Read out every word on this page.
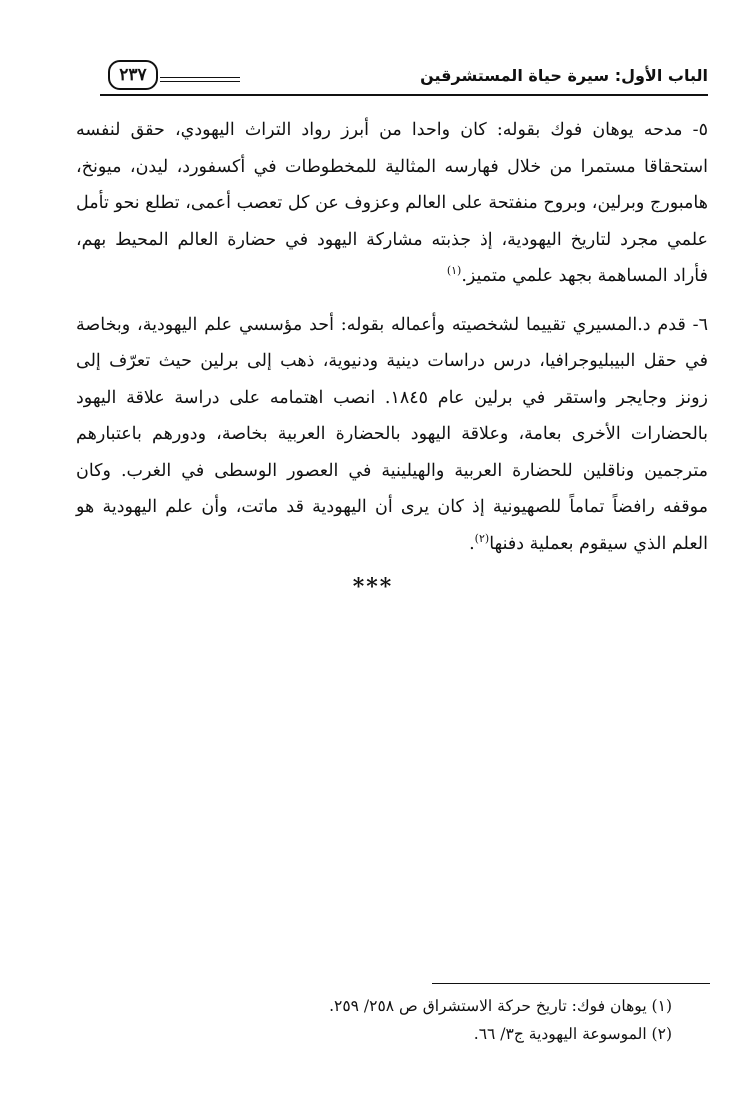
٢٣٧	الباب الأول: سيرة حياة المستشرقين
٥- مدحه يوهان فوك بقوله: كان واحدا من أبرز رواد التراث اليهودي، حقق لنفسه استحقاقا مستمرا من خلال فهارسه المثالية للمخطوطات في أكسفورد، ليدن، ميونخ، هامبورج وبرلين، وبروح منفتحة على العالم وعزوف عن كل تعصب أعمى، تطلع نحو تأمل علمي مجرد لتاريخ اليهودية، إذ جذبته مشاركة اليهود في حضارة العالم المحيط بهم، فأراد المساهمة بجهد علمي متميز.$^{(١)}$
٦- قدم د.المسيري تقييما لشخصيته وأعماله بقوله: أحد مؤسسي علم اليهودية، وبخاصة في حقل البيبليوجرافيا، درس دراسات دينية ودنيوية، ذهب إلى برلين حيث تعرّف إلى زونز وجايجر واستقر في برلين عام ١٨٤٥. انصب اهتمامه على دراسة علاقة اليهود بالحضارات الأخرى بعامة، وعلاقة اليهود بالحضارة العربية بخاصة، ودورهم باعتبارهم مترجمين وناقلين للحضارة العربية والهيلينية في العصور الوسطى في الغرب. وكان موقفه رافضاً تماماً للصهيونية إذ كان يرى أن اليهودية قد ماتت، وأن علم اليهودية هو العلم الذي سيقوم بعملية دفنها$^{(٢)}$.
***
(١) يوهان فوك: تاريخ حركة الاستشراق ص ٢٥٨/ ٢٥٩.
(٢) الموسوعة اليهودية ج٣/ ٦٦.
